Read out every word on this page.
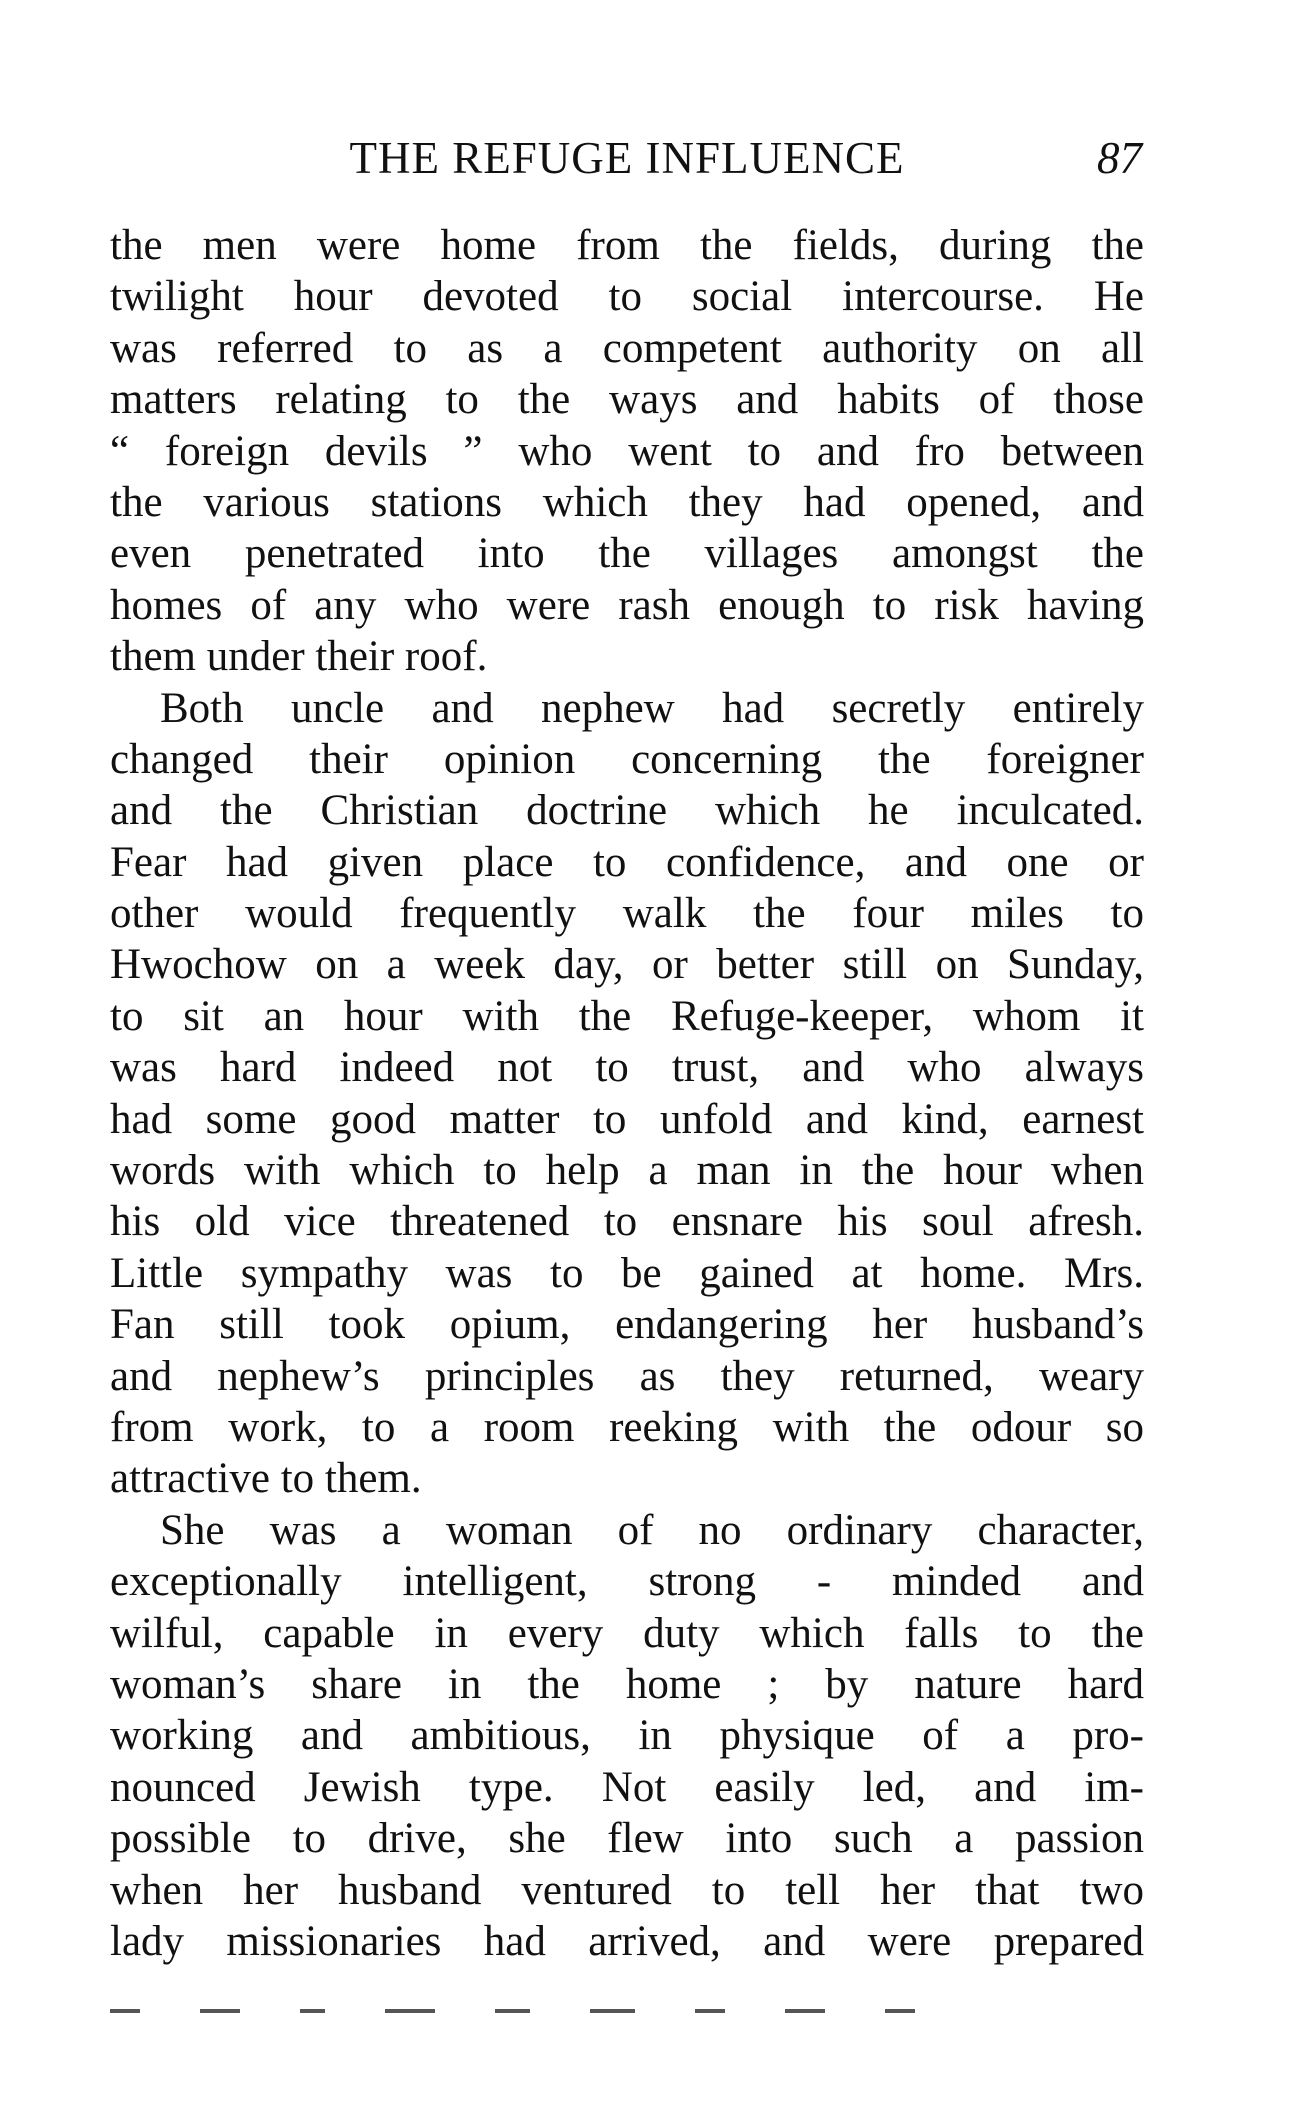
THE REFUGE INFLUENCE	87
the men were home from the fields, during the
twilight hour devoted to social intercourse. He
was referred to as a competent authority on all
matters relating to the ways and habits of those
“ foreign devils ” who went to and fro between
the various stations which they had opened, and
even penetrated into the villages amongst the
homes of any who were rash enough to risk having
them under their roof.
Both uncle and nephew had secretly entirely
changed their opinion concerning the foreigner
and the Christian doctrine which he inculcated.
Fear had given place to confidence, and one or
other would frequently walk the four miles to
Hwochow on a week day, or better still on Sunday,
to sit an hour with the Refuge-keeper, whom it
was hard indeed not to trust, and who always
had some good matter to unfold and kind, earnest
words with which to help a man in the hour when
his old vice threatened to ensnare his soul afresh.
Little sympathy was to be gained at home. Mrs.
Fan still took opium, endangering her husband’s
and nephew’s principles as they returned, weary
from work, to a room reeking with the odour so
attractive to them.
She was a woman of no ordinary character,
exceptionally intelligent, strong - minded and
wilful, capable in every duty which falls to the
woman’s share in the home ; by nature hard
working and ambitious, in physique of a pro-
nounced Jewish type. Not easily led, and im-
possible to drive, she flew into such a passion
when her husband ventured to tell her that two
lady missionaries had arrived, and were prepared
